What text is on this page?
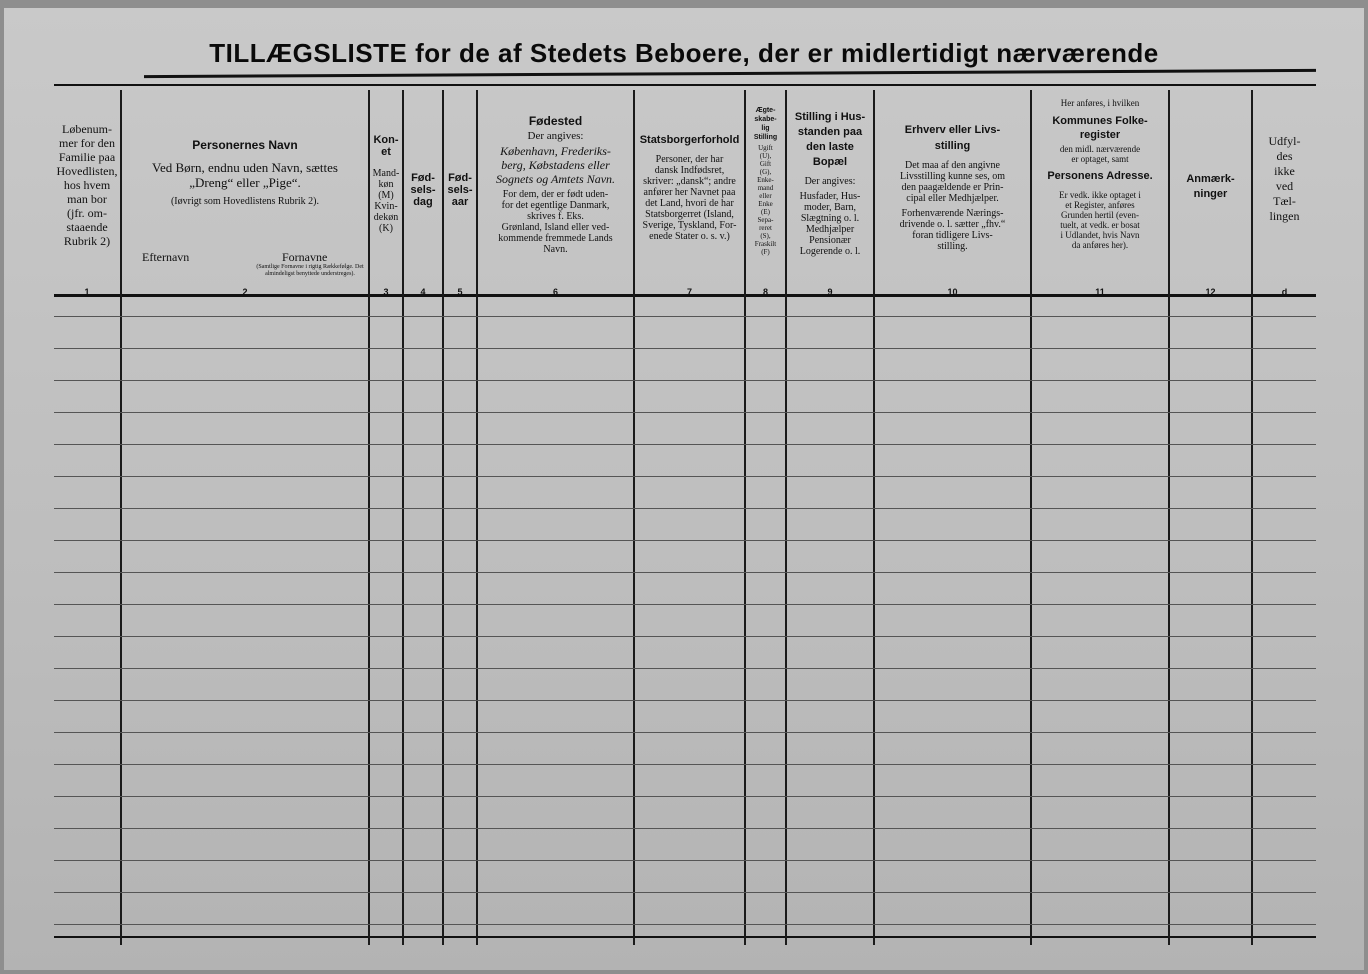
TILLÆGSLISTE for de af Stedets Beboere, der er midlertidigt nærværende
Løbenum-
mer for den
Familie paa
Hovedlisten,
hos hvem
man bor
(jfr. om-
staaende
Rubrik 2)
1
Personernes Navn
Ved Børn, endnu uden Navn, sættes
„Dreng“ eller „Pige“.
(Iøvrigt som Hovedlistens Rubrik 2).
Efternavn	Fornavne
(Samtlige Fornavne i rigtig Rækkefølge. Det almindeligst benyttede understreges).
2
Kon-
et
Mand-
køn
(M)
Kvin-
dekøn
(K)
3
Fød-
sels-
dag
4
Fød-
sels-
aar
5
Fødested
Der angives:
København, Frederiks-
berg, Købstadens eller
Sognets og Amtets Navn.
For dem, der er født uden-
for det egentlige Danmark,
skrives f. Eks.
Grønland, Island eller ved-
kommende fremmede Lands
Navn.
6
Statsborgerforhold
Personer, der har
dansk Indfødsret,
skriver: „dansk“; andre
anfører her Navnet paa
det Land, hvori de har
Statsborgerret (Island,
Sverige, Tyskland, For-
enede Stater o. s. v.)
7
Ægte-
skabe-
lig
Stilling
Ugift
(U),
Gift
(G),
Enke-
mand
eller
Enke
(E)
Sepa-
reret
(S),
Fraskilt
(F)
8
Stilling i Hus-
standen paa
den laste
Bopæl
Der angives:
Husfader, Hus-
moder, Barn,
Slægtning o. l.
Medhjælper
Pensionær
Logerende o. l.
9
Erhverv eller Livs-
stilling
Det maa af den angivne
Livsstilling kunne ses, om
den paagældende er Prin-
cipal eller Medhjælper.
Forhenværende Nærings-
drivende o. l. sætter „fhv.“
foran tidligere Livs-
stilling.
10
Her anføres, i hvilken
Kommunes Folke-
register
den midl. nærværende
er optaget, samt
Personens Adresse.
Er vedk. ikke optaget i
et Register, anføres
Grunden hertil (even-
tuelt, at vedk. er bosat
i Udlandet, hvis Navn
da anføres her).
11
Anmærk-
ninger
12
Udfyl-
des
ikke
ved
Tæl-
lingen
d
